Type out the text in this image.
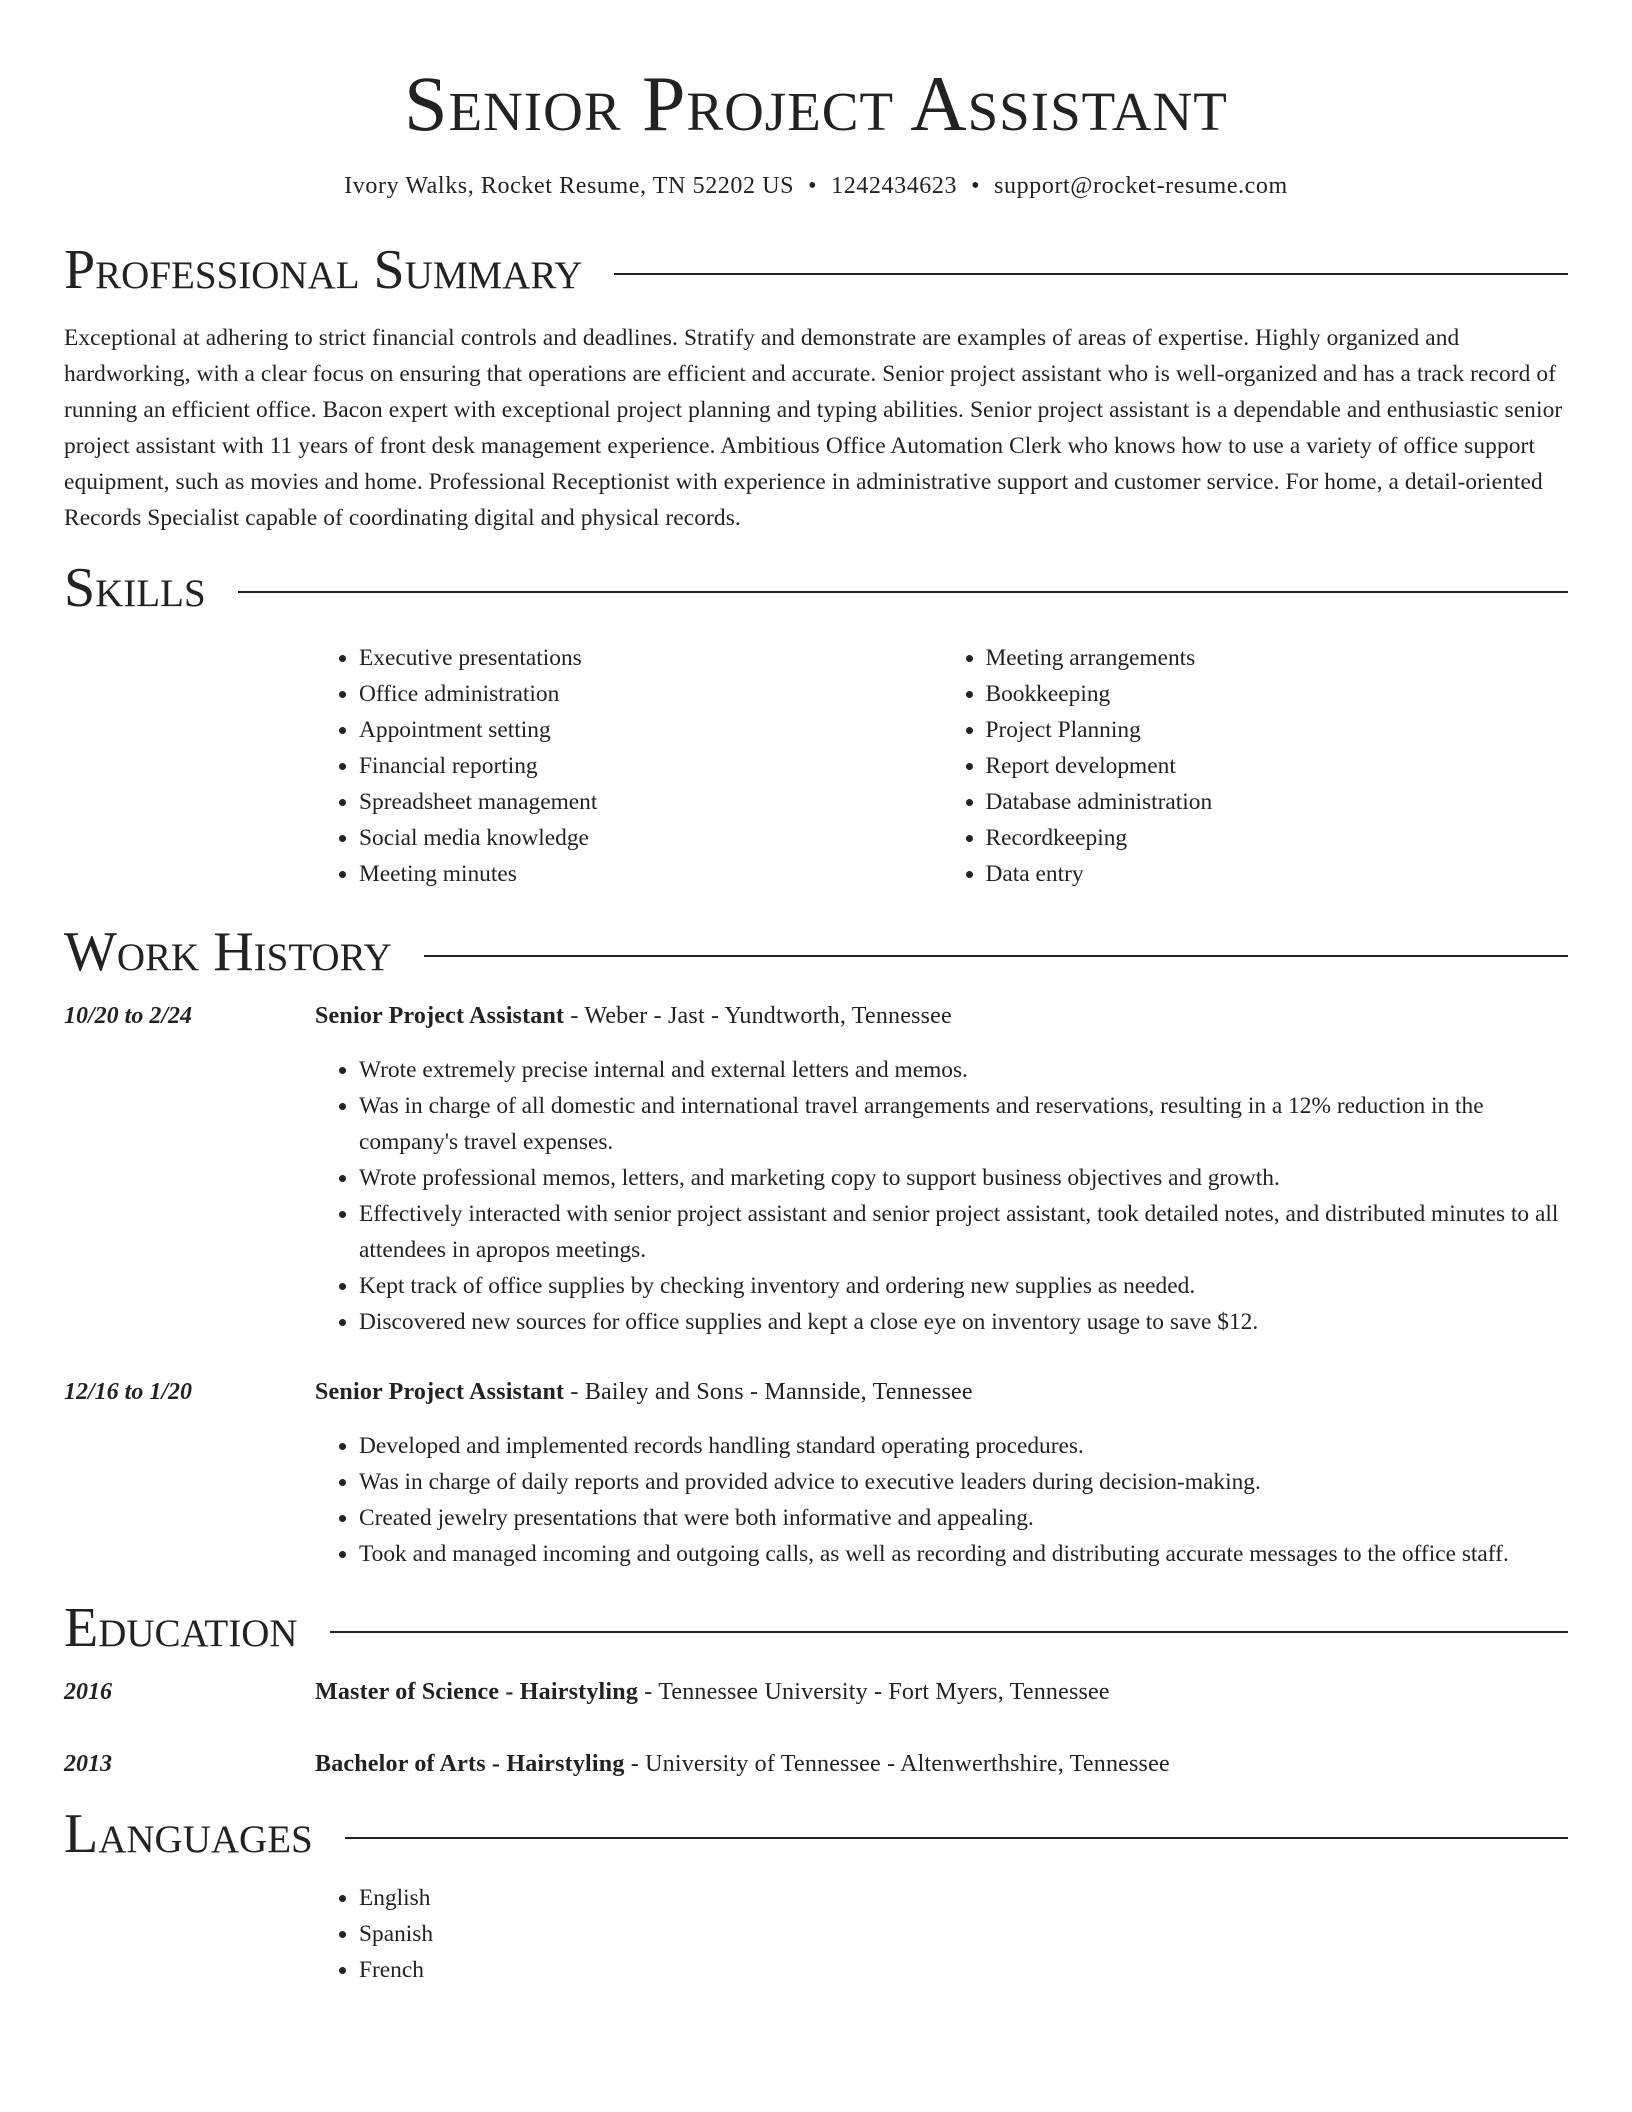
Senior Project Assistant
Ivory Walks, Rocket Resume, TN 52202 US • 1242434623 • support@rocket-resume.com
Professional Summary

Exceptional at adhering to strict financial controls and deadlines. Stratify and demonstrate are examples of areas of expertise. Highly organized and hardworking, with a clear focus on ensuring that operations are efficient and accurate. Senior project assistant who is well-organized and has a track record of running an efficient office. Bacon expert with exceptional project planning and typing abilities. Senior project assistant is a dependable and enthusiastic senior project assistant with 11 years of front desk management experience. Ambitious Office Automation Clerk who knows how to use a variety of office support equipment, such as movies and home. Professional Receptionist with experience in administrative support and customer service. For home, a detail-oriented Records Specialist capable of coordinating digital and physical records.

Skills
• Executive presentations
• Office administration
• Appointment setting
• Financial reporting
• Spreadsheet management
• Social media knowledge
• Meeting minutes
• Meeting arrangements
• Bookkeeping
• Project Planning
• Report development
• Database administration
• Recordkeeping
• Data entry
Work History
10/20 to 2/24	Senior Project Assistant - Weber - Jast - Yundtworth, Tennessee
• Wrote extremely precise internal and external letters and memos.
• Was in charge of all domestic and international travel arrangements and reservations, resulting in a 12% reduction in the company's travel expenses.
• Wrote professional memos, letters, and marketing copy to support business objectives and growth.
• Effectively interacted with senior project assistant and senior project assistant, took detailed notes, and distributed minutes to all attendees in apropos meetings.
• Kept track of office supplies by checking inventory and ordering new supplies as needed.
• Discovered new sources for office supplies and kept a close eye on inventory usage to save $12.
12/16 to 1/20	Senior Project Assistant - Bailey and Sons - Mannside, Tennessee
• Developed and implemented records handling standard operating procedures.
• Was in charge of daily reports and provided advice to executive leaders during decision-making.
• Created jewelry presentations that were both informative and appealing.
• Took and managed incoming and outgoing calls, as well as recording and distributing accurate messages to the office staff.
Education
2016	Master of Science - Hairstyling - Tennessee University - Fort Myers, Tennessee
2013	Bachelor of Arts - Hairstyling - University of Tennessee - Altenwerthshire, Tennessee
Languages
• English
• Spanish
• French
